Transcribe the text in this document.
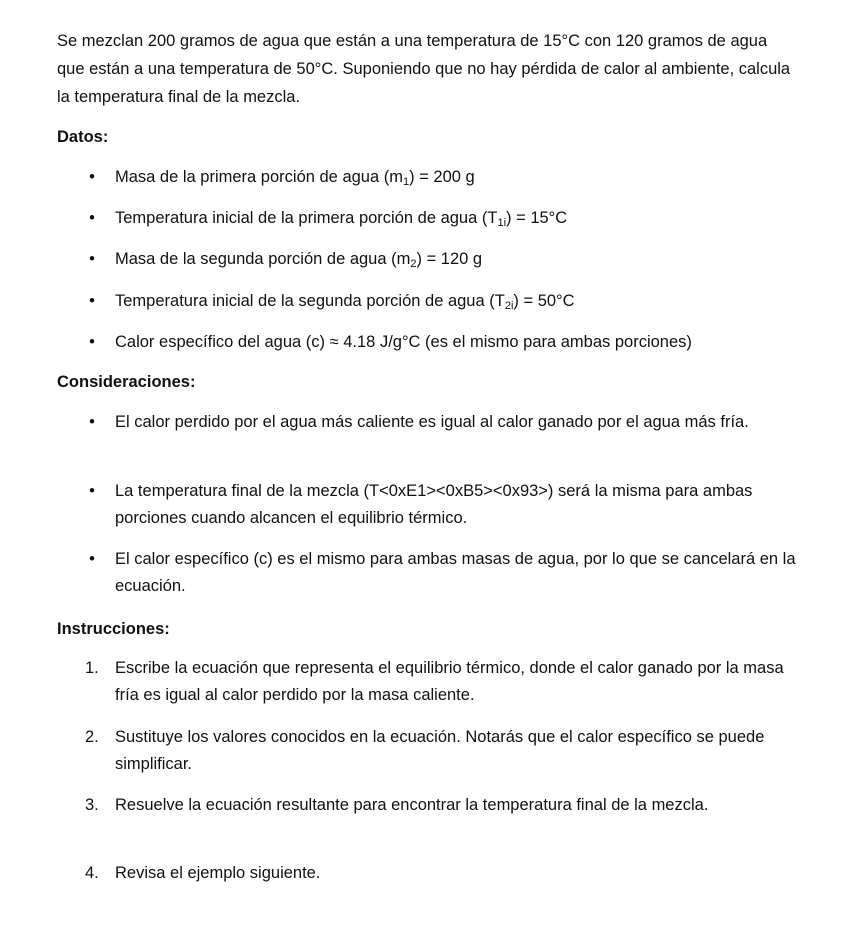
Se mezclan 200 gramos de agua que están a una temperatura de 15°C con 120 gramos de agua que están a una temperatura de 50°C. Suponiendo que no hay pérdida de calor al ambiente, calcula la temperatura final de la mezcla.

Datos:
• Masa de la primera porción de agua $(m_1) = 200$ g
• Temperatura inicial de la primera porción de agua $(T_{1i}) = 15^\circ C$
• Masa de la segunda porción de agua $(m_2) = 120$ g
• Temperatura inicial de la segunda porción de agua $(T_{2i}) = 50^\circ C$
• Calor específico del agua (c) ≈ 4.18 J/g°C (es el mismo para ambas porciones)
Consideraciones:
• El calor perdido por el agua más caliente es igual al calor ganado por el agua más fría.
• La temperatura final de la mezcla (T<0xE1><0xB5><0x93>) será la misma para ambas porciones cuando alcancen el equilibrio térmico.
• El calor específico (c) es el mismo para ambas masas de agua, por lo que se cancelará en la ecuación.
Instrucciones:
1. Escribe la ecuación que representa el equilibrio térmico, donde el calor ganado por la masa fría es igual al calor perdido por la masa caliente.
2. Sustituye los valores conocidos en la ecuación. Notarás que el calor específico se puede simplificar.
3. Resuelve la ecuación resultante para encontrar la temperatura final de la mezcla.
4. Revisa el ejemplo siguiente.
